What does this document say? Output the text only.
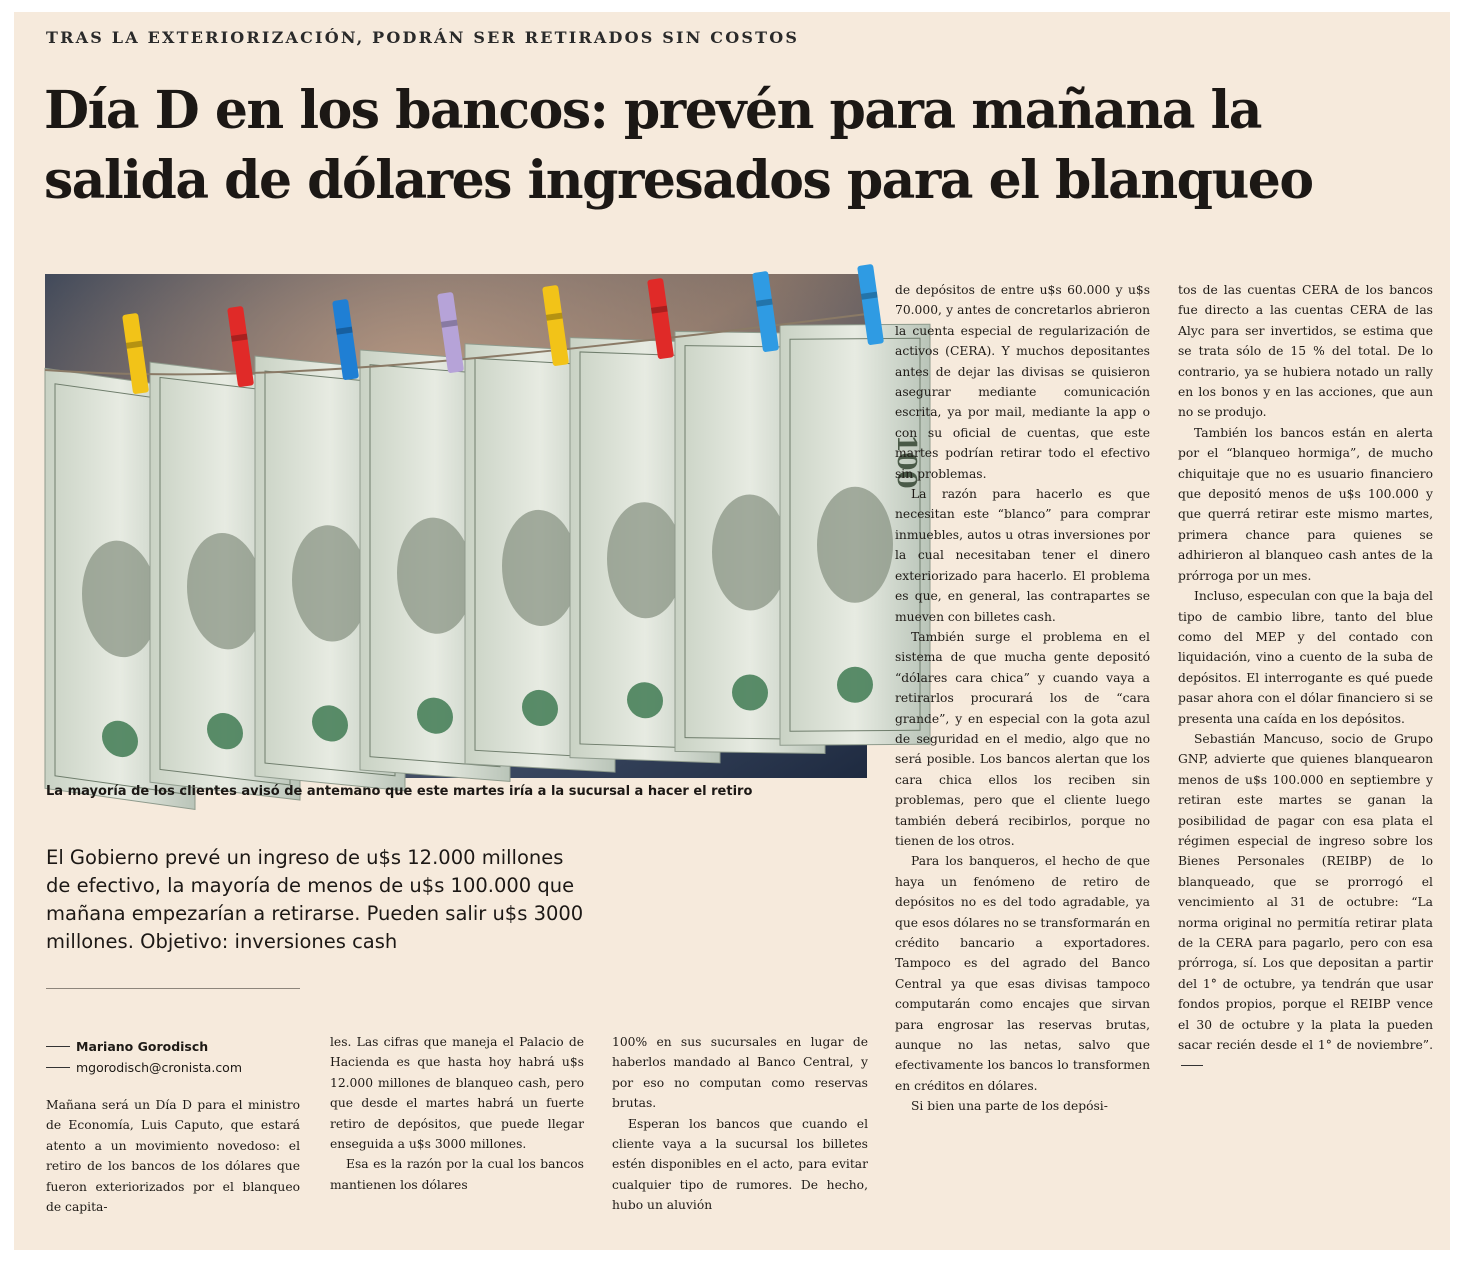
TRAS LA EXTERIORIZACIÓN, PODRÁN SER RETIRADOS SIN COSTOS
Día D en los bancos: prevén para mañana la salida de dólares ingresados para el blanqueo
100
La mayoría de los clientes avisó de antemano que este martes iría a la sucursal a hacer el retiro

El Gobierno prevé un ingreso de u$s 12.000 millones de efectivo, la mayoría de menos de u$s 100.000 que mañana empezarían a retirarse. Pueden salir u$s 3000 millones. Objetivo: inversiones cash

Mariano Gorodisch
mgorodisch@cronista.com

Mañana será un Día D para el ministro de Economía, Luis Caputo, que estará atento a un movimiento novedoso: el retiro de los bancos de los dólares que fueron exteriorizados por el blanqueo de capita-

les. Las cifras que maneja el Palacio de Hacienda es que hasta hoy habrá u$s 12.000 millones de blanqueo cash, pero que desde el martes habrá un fuerte retiro de depósitos, que puede llegar enseguida a u$s 3000 millones.

Esa es la razón por la cual los bancos mantienen los dólares

100% en sus sucursales en lugar de haberlos mandado al Banco Central, y por eso no computan como reservas brutas.

Esperan los bancos que cuando el cliente vaya a la sucursal los billetes estén disponibles en el acto, para evitar cualquier tipo de rumores. De hecho, hubo un aluvión

de depósitos de entre u$s 60.000 y u$s 70.000, y antes de concretarlos abrieron la cuenta especial de regularización de activos (CERA). Y muchos depositantes antes de dejar las divisas se quisieron asegurar mediante comunicación escrita, ya por mail, mediante la app o con su oficial de cuentas, que este martes podrían retirar todo el efectivo sin problemas.

La razón para hacerlo es que necesitan este “blanco” para comprar inmuebles, autos u otras inversiones por la cual necesitaban tener el dinero exteriorizado para hacerlo. El problema es que, en general, las contrapartes se mueven con billetes cash.

También surge el problema en el sistema de que mucha gente depositó “dólares cara chica” y cuando vaya a retirarlos procurará los de “cara grande”, y en especial con la gota azul de seguridad en el medio, algo que no será posible. Los bancos alertan que los cara chica ellos los reciben sin problemas, pero que el cliente luego también deberá recibirlos, porque no tienen de los otros.

Para los banqueros, el hecho de que haya un fenómeno de retiro de depósitos no es del todo agradable, ya que esos dólares no se transformarán en crédito bancario a exportadores. Tampoco es del agrado del Banco Central ya que esas divisas tampoco computarán como encajes que sirvan para engrosar las reservas brutas, aunque no las netas, salvo que efectivamente los bancos lo transformen en créditos en dólares.

Si bien una parte de los depósi-

tos de las cuentas CERA de los bancos fue directo a las cuentas CERA de las Alyc para ser invertidos, se estima que se trata sólo de 15 % del total. De lo contrario, ya se hubiera notado un rally en los bonos y en las acciones, que aun no se produjo.

También los bancos están en alerta por el “blanqueo hormiga”, de mucho chiquitaje que no es usuario financiero que depositó menos de u$s 100.000 y que querrá retirar este mismo martes, primera chance para quienes se adhirieron al blanqueo cash antes de la prórroga por un mes.

Incluso, especulan con que la baja del tipo de cambio libre, tanto del blue como del MEP y del contado con liquidación, vino a cuento de la suba de depósitos. El interrogante es qué puede pasar ahora con el dólar financiero si se presenta una caída en los depósitos.

Sebastián Mancuso, socio de Grupo GNP, advierte que quienes blanquearon menos de u$s 100.000 en septiembre y retiran este martes se ganan la posibilidad de pagar con esa plata el régimen especial de ingreso sobre los Bienes Personales (REIBP) de lo blanqueado, que se prorrogó el vencimiento al 31 de octubre: “La norma original no permitía retirar plata de la CERA para pagarlo, pero con esa prórroga, sí. Los que depositan a partir del 1° de octubre, ya tendrán que usar fondos propios, porque el REIBP vence el 30 de octubre y la plata la pueden sacar recién desde el 1° de noviembre”.
